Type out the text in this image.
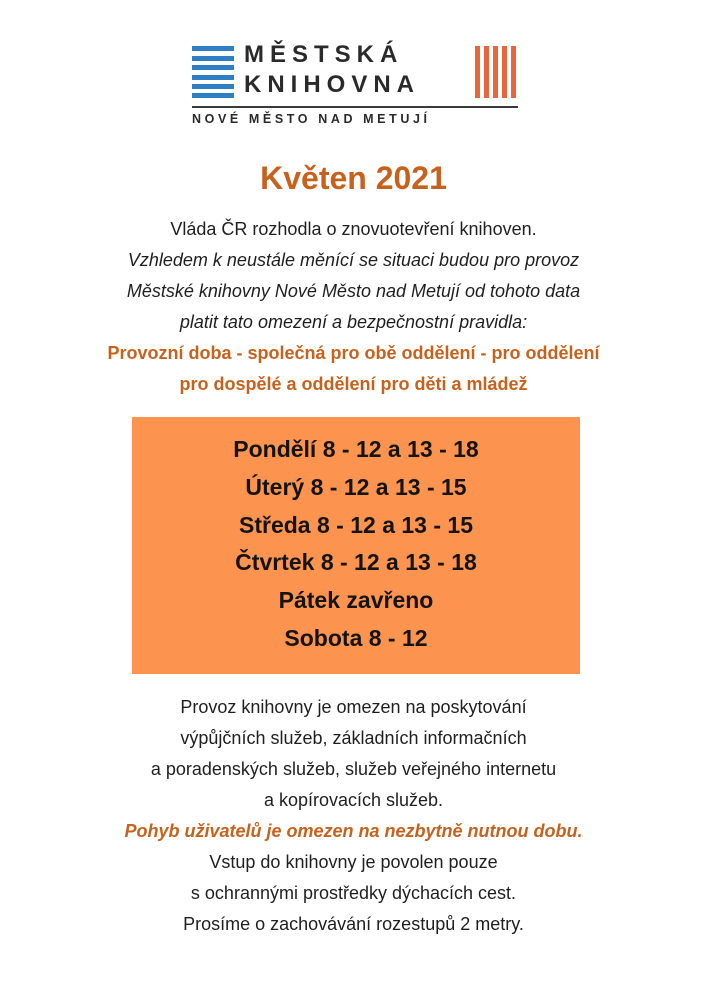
MĚSTSKÁ
KNIHOVNA
NOVÉ MĚSTO NAD METUJÍ
Květen 2021
Vláda ČR rozhodla o znovuotevření knihoven.
Vzhledem k neustále měnící se situaci budou pro provoz
Městské knihovny Nové Město nad Metují od tohoto data
platit tato omezení a bezpečnostní pravidla:
Provozní doba - společná pro obě oddělení - pro oddělení
pro dospělé a oddělení pro děti a mládež
Pondělí 8 - 12 a 13 - 18
Úterý 8 - 12 a 13 - 15
Středa 8 - 12 a 13 - 15
Čtvrtek 8 - 12 a 13 - 18
Pátek zavřeno
Sobota 8 - 12
Provoz knihovny je omezen na poskytování
výpůjčních služeb, základních informačních
a poradenských služeb, služeb veřejného internetu
a kopírovacích služeb.
Pohyb uživatelů je omezen na nezbytně nutnou dobu.
Vstup do knihovny je povolen pouze
s ochrannými prostředky dýchacích cest.
Prosíme o zachovávání rozestupů 2 metry.
